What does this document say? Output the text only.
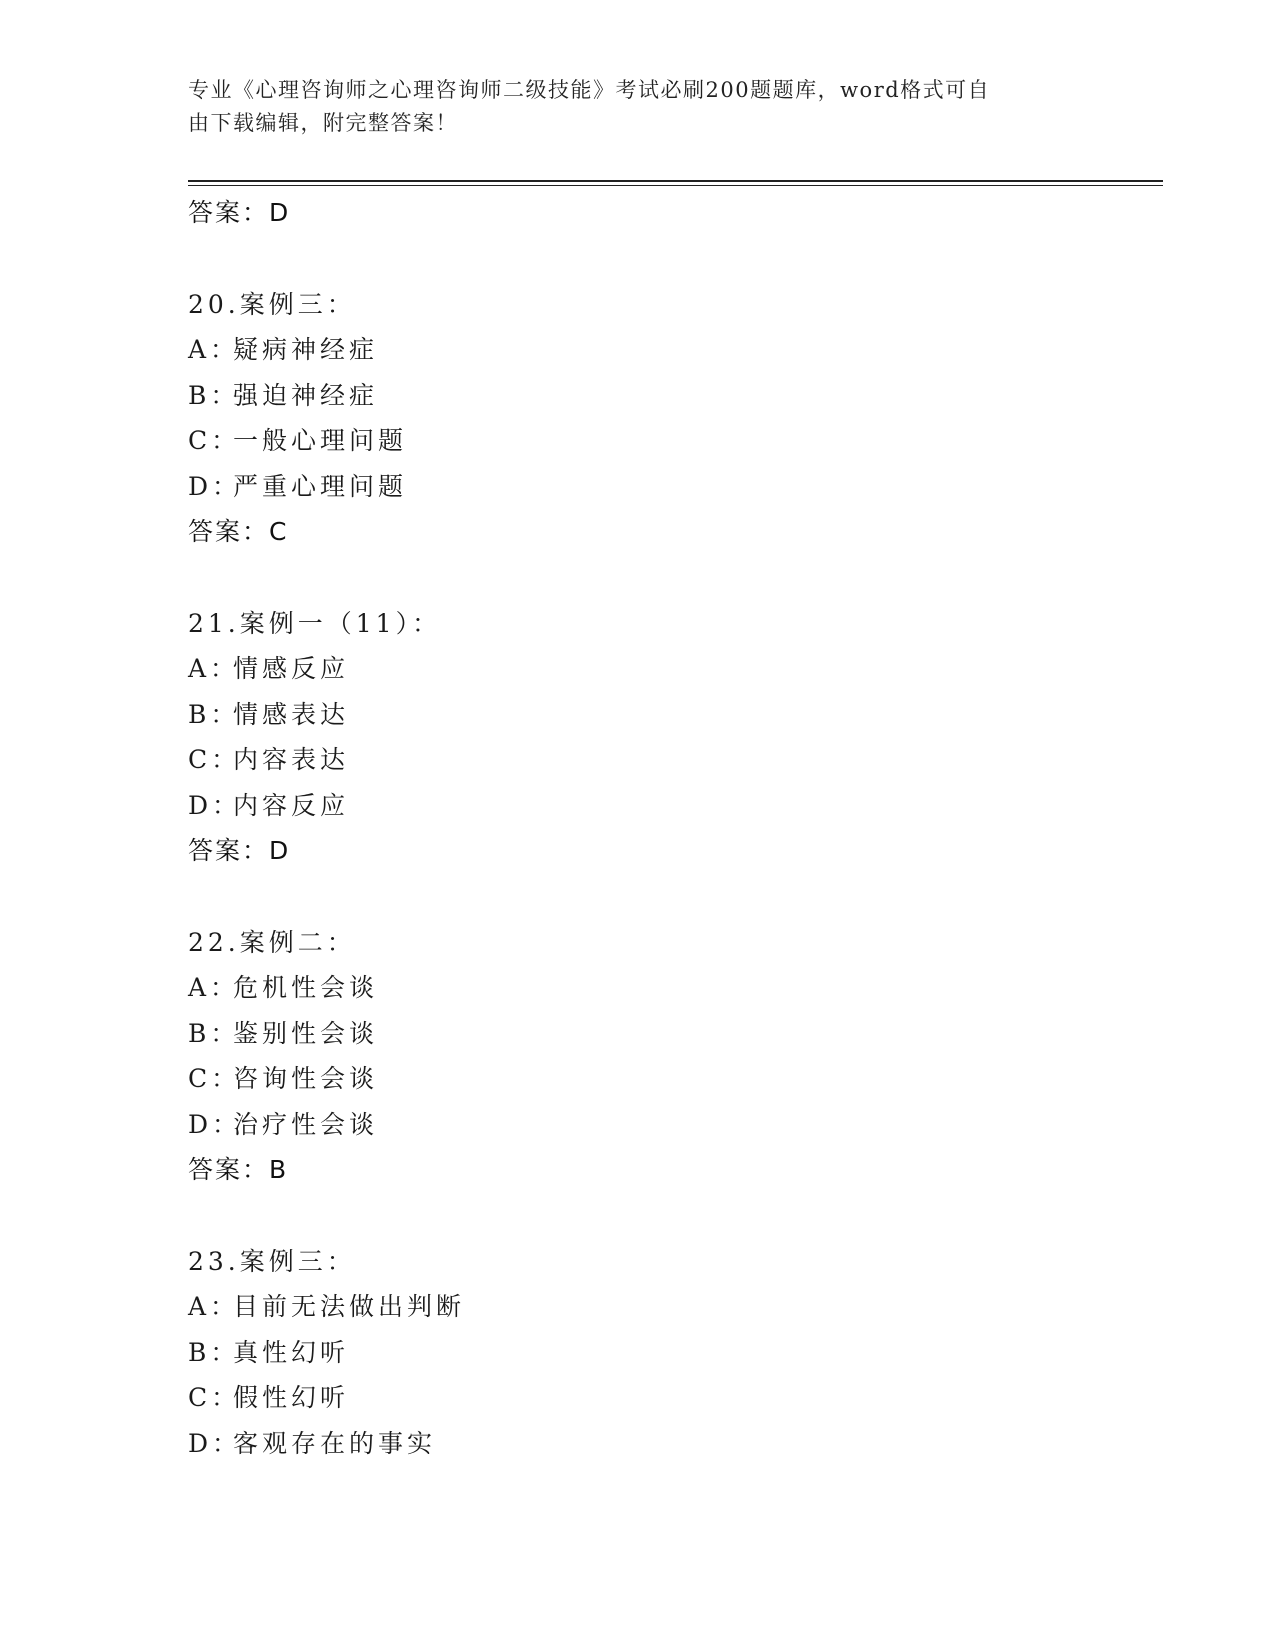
专业《心理咨询师之心理咨询师二级技能》考试必刷200题题库，word格式可自
由下载编辑，附完整答案！
答案：D
20.案例三：
A：疑病神经症
B：强迫神经症
C：一般心理问题
D：严重心理问题
答案：C
21.案例一（11）：
A：情感反应
B：情感表达
C：内容表达
D：内容反应
答案：D
22.案例二：
A：危机性会谈
B：鉴别性会谈
C：咨询性会谈
D：治疗性会谈
答案：B
23.案例三：
A：目前无法做出判断
B：真性幻听
C：假性幻听
D：客观存在的事实
